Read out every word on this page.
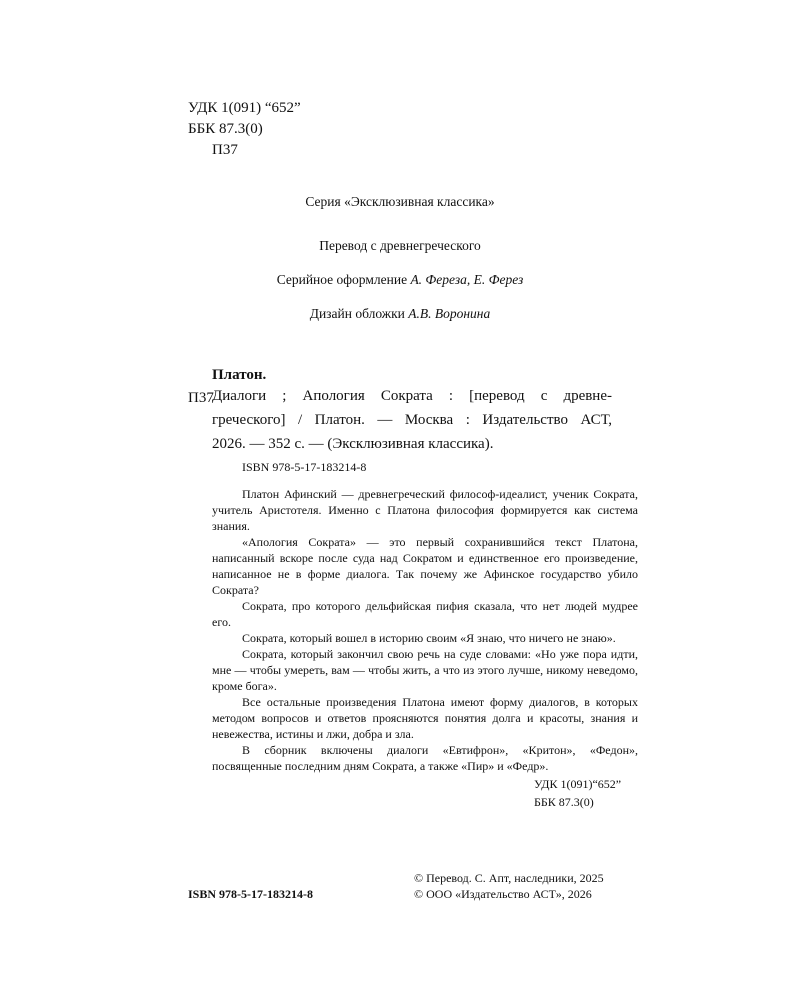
УДК 1(091) “652”
ББК 87.3(0)
П37
Серия «Эксклюзивная классика»
Перевод с древнегреческого
Серийное оформление А. Фереза, Е. Ферез
Дизайн обложки А.В. Воронина
Платон.
П37
Диалоги ; Апология Сократа : [перевод с древне-
греческого] / Платон. — Москва : Издательство АСТ,
2026. — 352 с. — (Эксклюзивная классика).
ISBN 978-5-17-183214-8

Платон Афинский — древнегреческий философ-идеалист, ученик Сократа, учитель Аристотеля. Именно с Платона философия формируется как система знания.

«Апология Сократа» — это первый сохранившийся текст Платона, написанный вскоре после суда над Сократом и единственное его произведение, написанное не в форме диалога. Так почему же Афинское государство убило Сократа?

Сократа, про которого дельфийская пифия сказала, что нет людей мудрее его.

Сократа, который вошел в историю своим «Я знаю, что ничего не знаю».

Сократа, который закончил свою речь на суде словами: «Но уже пора идти, мне — чтобы умереть, вам — чтобы жить, а что из этого лучше, никому неведомо, кроме бога».

Все остальные произведения Платона имеют форму диалогов, в которых методом вопросов и ответов проясняются понятия долга и красоты, знания и невежества, истины и лжи, добра и зла.

В сборник включены диалоги «Евтифрон», «Критон», «Федон», посвященные последним дням Сократа, а также «Пир» и «Федр».

УДК 1(091)“652”
ББК 87.3(0)
ISBN 978-5-17-183214-8
© Перевод. С. Апт, наследники, 2025
© ООО «Издательство АСТ», 2026
